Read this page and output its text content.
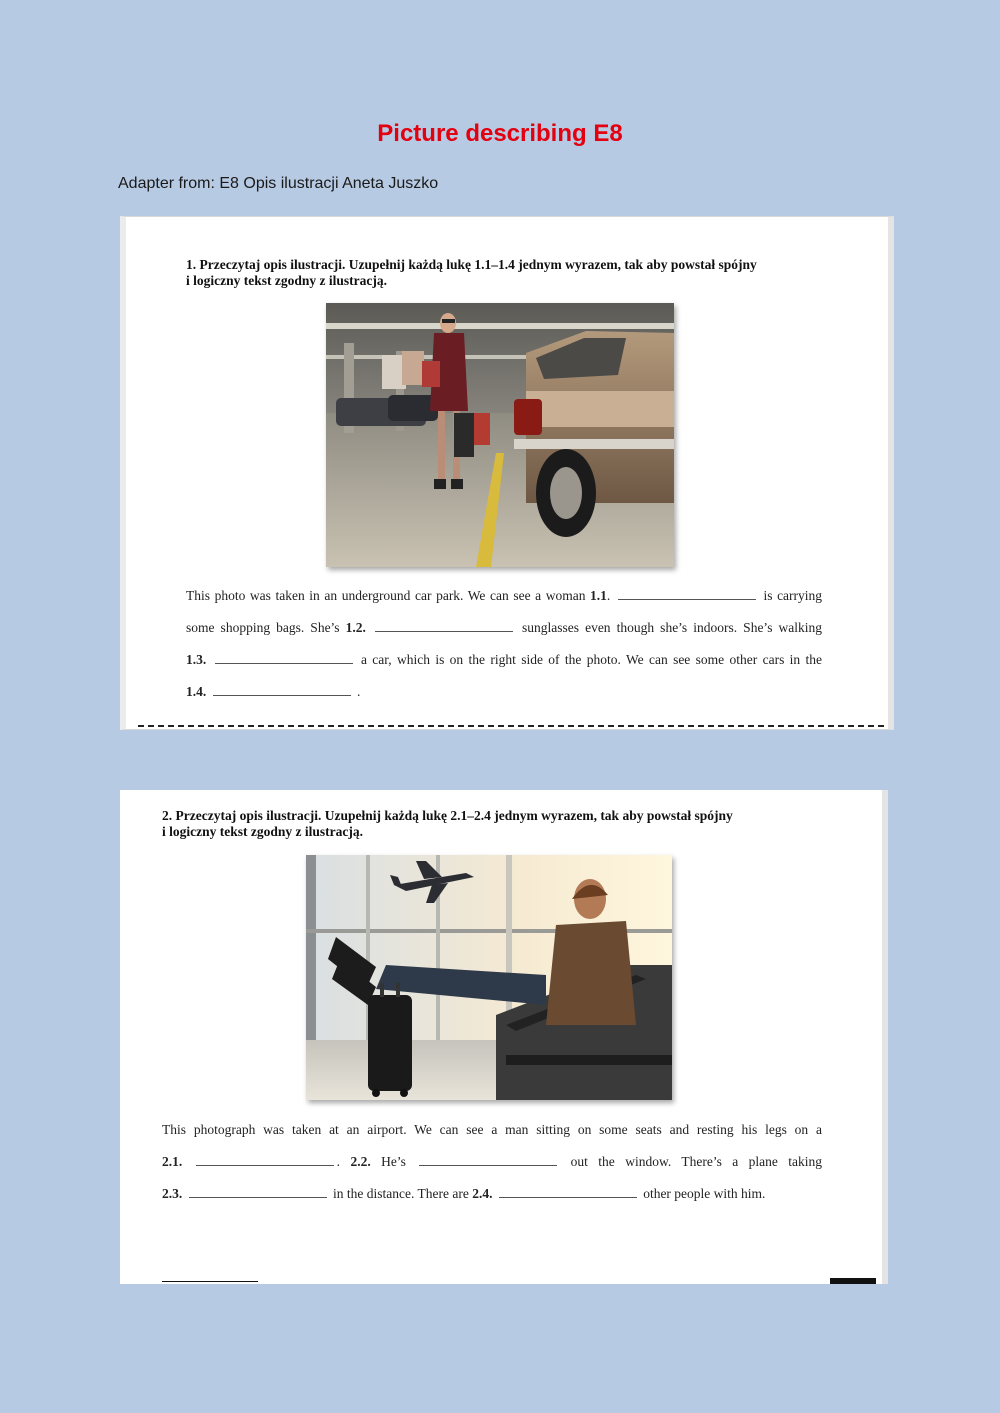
Picture describing E8
Adapter from: E8 Opis ilustracji Aneta Juszko
1. Przeczytaj opis ilustracji. Uzupełnij każdą lukę 1.1–1.4 jednym wyrazem, tak aby powstał spójny
i logiczny tekst zgodny z ilustracją.

This photo was taken in an underground car park. We can see a woman 1.1.	is carrying

some shopping bags. She’s 1.2.	sunglasses even though she’s indoors. She’s walking

1.3.	a car, which is on the right side of the photo. We can see some other cars in the

1.4.	.

2. Przeczytaj opis ilustracji. Uzupełnij każdą lukę 2.1–2.4 jednym wyrazem, tak aby powstał spójny
i logiczny tekst zgodny z ilustracją.

This photograph was taken at an airport. We can see a man sitting on some seats and resting his legs on a

2.1.	. 2.2. He’s	out the window. There’s a plane taking

2.3.	in the distance. There are 2.4.	other people with him.
